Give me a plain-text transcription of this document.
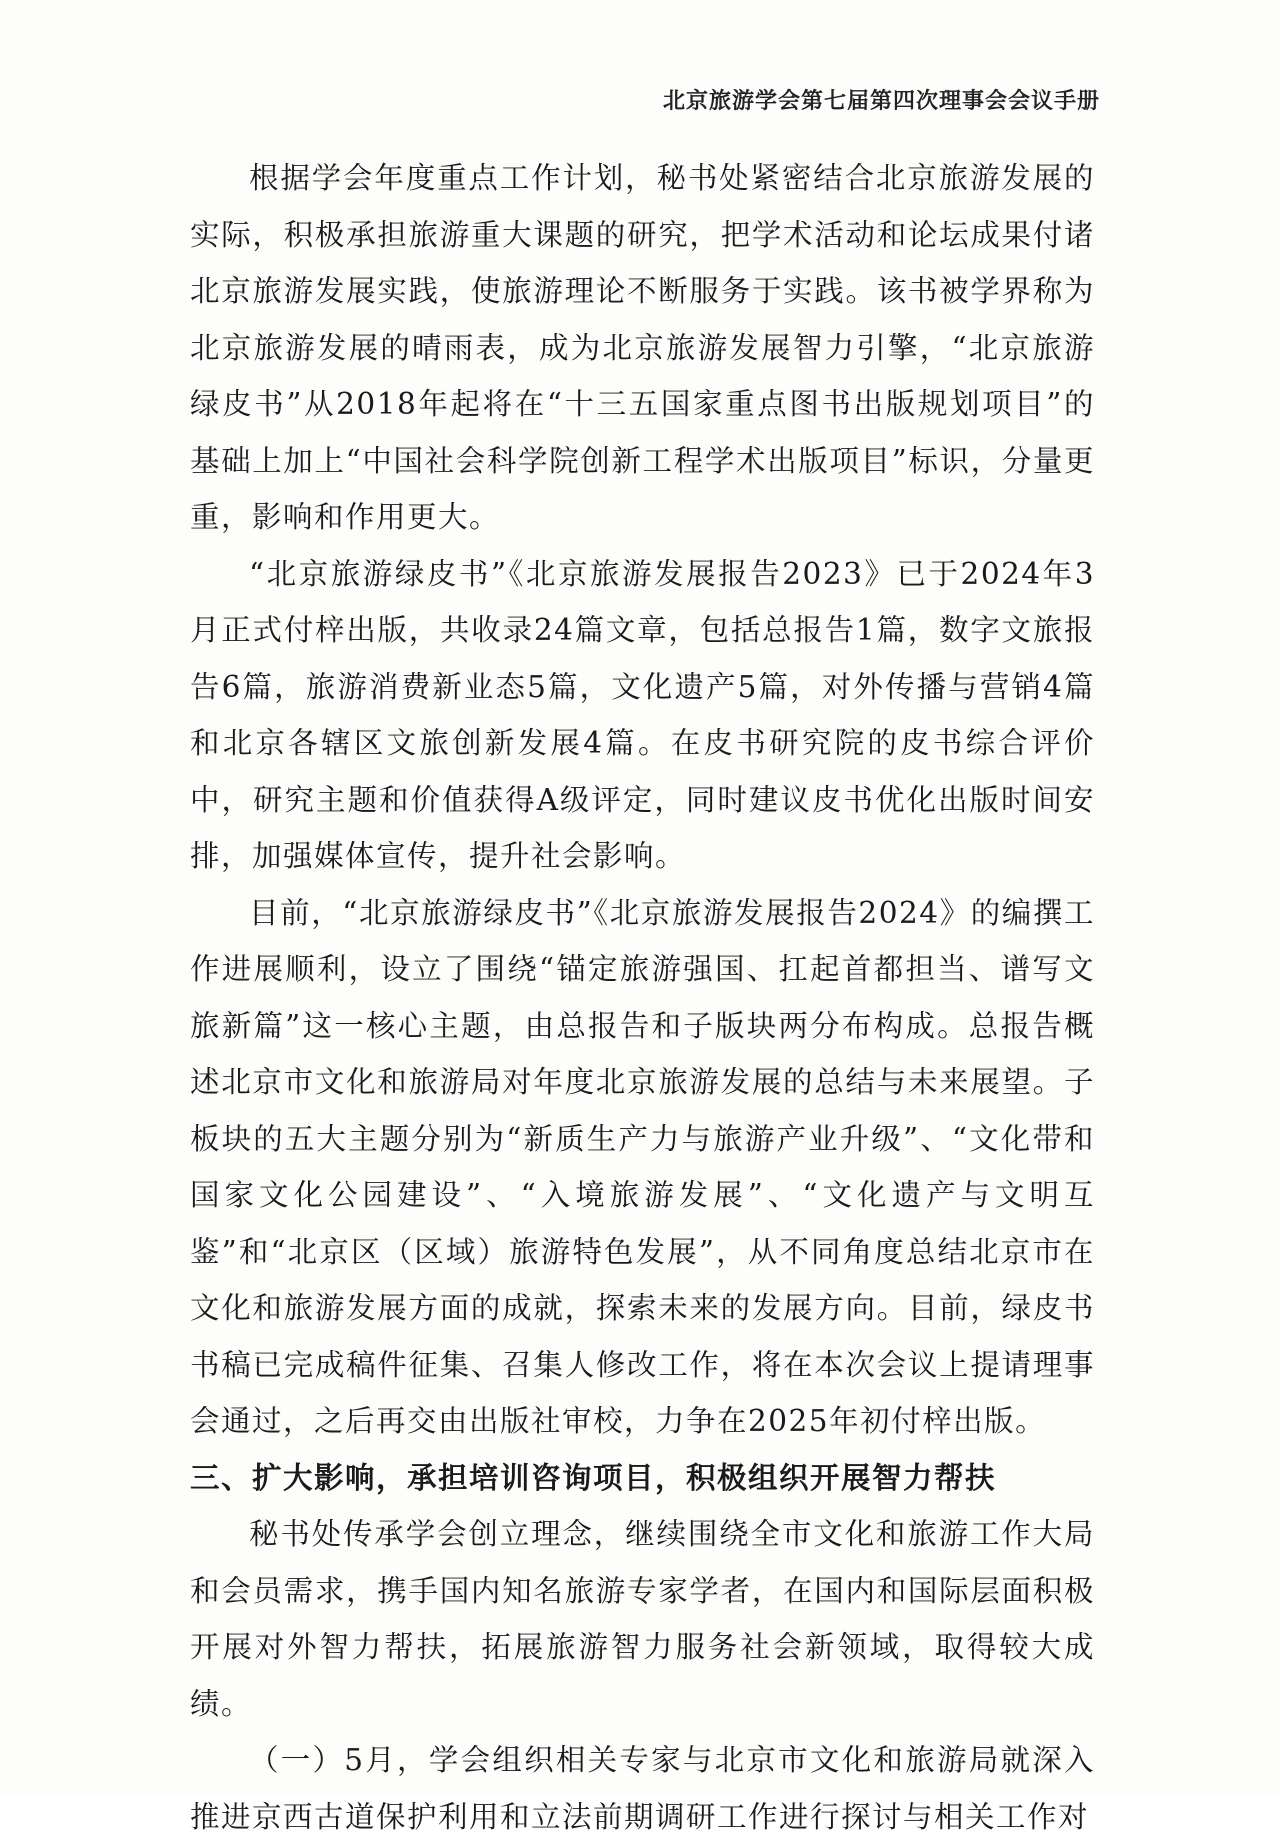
北京旅游学会第七届第四次理事会会议手册

根据学会年度重点工作计划，秘书处紧密结合北京旅游发展的实际，积极承担旅游重大课题的研究，把学术活动和论坛成果付诸北京旅游发展实践，使旅游理论不断服务于实践。该书被学界称为北京旅游发展的晴雨表，成为北京旅游发展智力引擎，“北京旅游绿皮书”从2018年起将在“十三五国家重点图书出版规划项目”的基础上加上“中国社会科学院创新工程学术出版项目”标识，分量更重，影响和作用更大。

“北京旅游绿皮书”《北京旅游发展报告2023》已于2024年3月正式付梓出版，共收录24篇文章，包括总报告1篇，数字文旅报告6篇，旅游消费新业态5篇，文化遗产5篇，对外传播与营销4篇和北京各辖区文旅创新发展4篇。在皮书研究院的皮书综合评价中，研究主题和价值获得A级评定，同时建议皮书优化出版时间安排，加强媒体宣传，提升社会影响。

目前，“北京旅游绿皮书”《北京旅游发展报告2024》的编撰工作进展顺利，设立了围绕“锚定旅游强国、扛起首都担当、谱写文旅新篇”这一核心主题，由总报告和子版块两分布构成。总报告概述北京市文化和旅游局对年度北京旅游发展的总结与未来展望。子板块的五大主题分别为“新质生产力与旅游产业升级”、“文化带和国家文化公园建设”、“入境旅游发展”、“文化遗产与文明互鉴”和“北京区（区域）旅游特色发展”，从不同角度总结北京市在文化和旅游发展方面的成就，探索未来的发展方向。目前，绿皮书书稿已完成稿件征集、召集人修改工作，将在本次会议上提请理事会通过，之后再交由出版社审校，力争在2025年初付梓出版。

三、扩大影响，承担培训咨询项目，积极组织开展智力帮扶

秘书处传承学会创立理念，继续围绕全市文化和旅游工作大局和会员需求，携手国内知名旅游专家学者，在国内和国际层面积极开展对外智力帮扶，拓展旅游智力服务社会新领域，取得较大成绩。

（一）5月，学会组织相关专家与北京市文化和旅游局就深入推进京西古道保护利用和立法前期调研工作进行探讨与相关工作对
